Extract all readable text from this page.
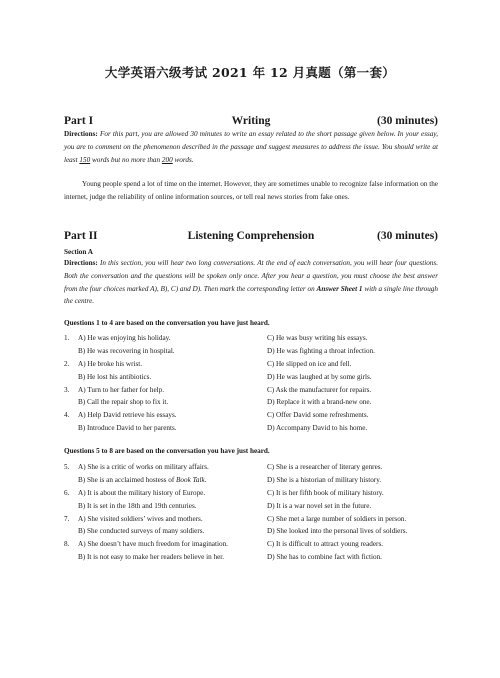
大学英语六级考试 2021 年 12 月真题（第一套）
Part I	Writing	(30 minutes)
Directions: For this part, you are allowed 30 minutes to write an essay related to the short passage given below. In your essay, you are to comment on the phenomenon described in the passage and suggest measures to address the issue. You should write at least 150 words but no more than 200 words.
Young people spend a lot of time on the internet. However, they are sometimes unable to recognize false information on the internet, judge the reliability of online information sources, or tell real news stories from fake ones.
Part II	Listening Comprehension	(30 minutes)
Section A
Directions: In this section, you will hear two long conversations. At the end of each conversation, you will hear four questions. Both the conversation and the questions will be spoken only once. After you hear a question, you must choose the best answer from the four choices marked A), B), C) and D). Then mark the corresponding letter on Answer Sheet 1 with a single line through the centre.
Questions 1 to 4 are based on the conversation you have just heard.
1.	A) He was enjoying his holiday.	C) He was busy writing his essays.
B) He was recovering in hospital.	D) He was fighting a throat infection.
2.	A) He broke his wrist.	C) He slipped on ice and fell.
B) He lost his antibiotics.	D) He was laughed at by some girls.
3.	A) Turn to her father for help.	C) Ask the manufacturer for repairs.
B) Call the repair shop to fix it.	D) Replace it with a brand-new one.
4.	A) Help David retrieve his essays.	C) Offer David some refreshments.
B) Introduce David to her parents.	D) Accompany David to his home.
Questions 5 to 8 are based on the conversation you have just heard.
5.	A) She is a critic of works on military affairs.	C) She is a researcher of literary genres.
B) She is an acclaimed hostess of Book Talk.	D) She is a historian of military history.
6.	A) It is about the military history of Europe.	C) It is her fifth book of military history.
B) It is set in the 18th and 19th centuries.	D) It is a war novel set in the future.
7.	A) She visited soldiers’ wives and mothers.	C) She met a large number of soldiers in person.
B) She conducted surveys of many soldiers.	D) She looked into the personal lives of soldiers.
8.	A) She doesn’t have much freedom for imagination.	C) It is difficult to attract young readers.
B) It is not easy to make her readers believe in her.	D) She has to combine fact with fiction.
